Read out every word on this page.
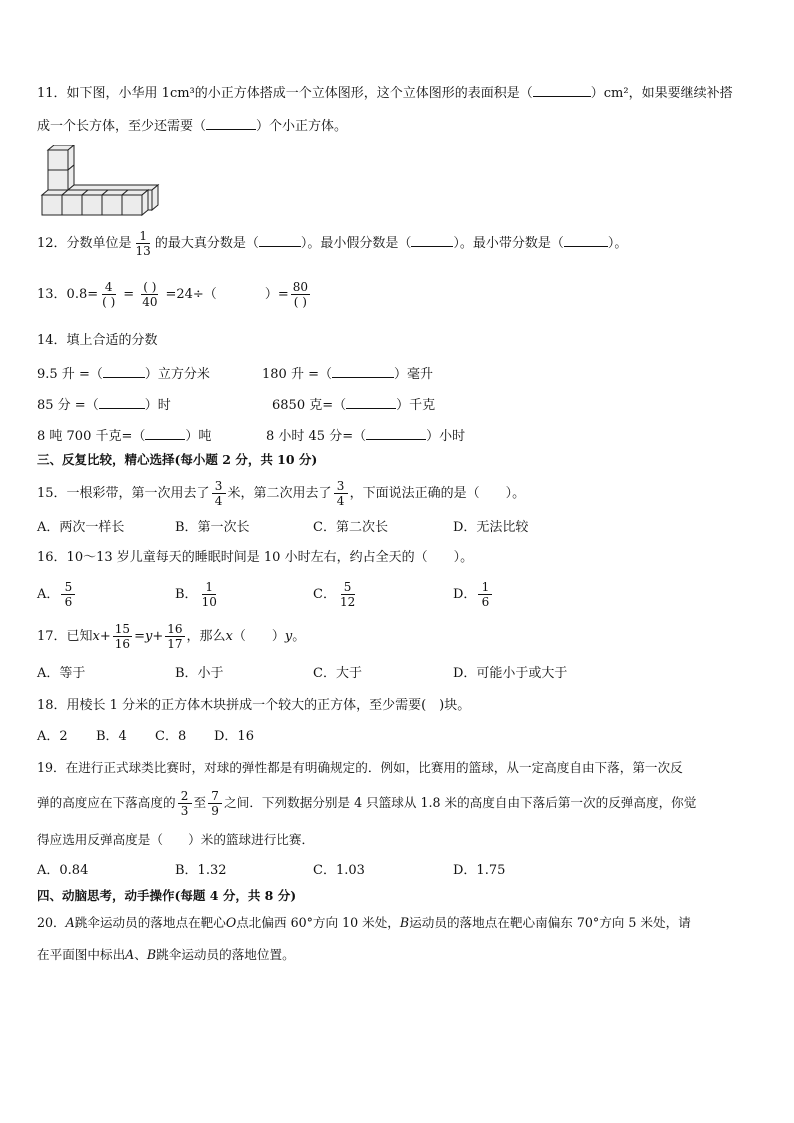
11．如下图，小华用 1cm³的小正方体搭成一个立体图形，这个立体图形的表面积是（	）cm²，如果要继续补搭
成一个长方体，至少还需要（	）个小正方体。
12．分数单位是 $\frac{1}{13}$ 的最大真分数是（	）。最小假分数是（	）。最小带分数是（	）。
13．$0.8= \frac{4}{( )} = \frac{( )}{40} =24\div$（	）= $\frac{80}{( )}$
14．填上合适的分数
9.5 升 =（	）立方分米	180 升 =（	）毫升
85 分 =（	）时	6850 克=（	）千克
8 吨 700 千克=（	）吨	8 小时 45 分=（	）小时
三、反复比较，精心选择(每小题 2 分，共 10 分)
15．一根彩带，第一次用去了 $\frac{3}{4}$ 米，第二次用去了 $\frac{3}{4}$ ，下面说法正确的是（　　）。
A．两次一样长	B．第一次长	C．第二次长	D．无法比较
16．10～13 岁儿童每天的睡眠时间是 10 小时左右，约占全天的（　　）。
A． $\frac{5}{6}$	B． $\frac{1}{10}$	C． $\frac{5}{12}$	D． $\frac{1}{6}$
17．已知$x+ \frac{15}{16} =y+ \frac{16}{17}$ ，那么x（　　）y。
A．等于	B．小于	C．大于	D．可能小于或大于
18．用棱长 1 分米的正方体木块拼成一个较大的正方体，至少需要(　)块。
A．2 B．4 C．8 D．16
19．在进行正式球类比赛时，对球的弹性都是有明确规定的．例如，比赛用的篮球，从一定高度自由下落，第一次反
弹的高度应在下落高度的 $\frac{2}{3}$ 至 $\frac{7}{9}$ 之间．下列数据分别是 4 只篮球从 1.8 米的高度自由下落后第一次的反弹高度，你觉
得应选用反弹高度是（　　）米的篮球进行比赛．
A．0.84	B．1.32	C．1.03	D．1.75
四、动脑思考，动手操作(每题 4 分，共 8 分)
20．A跳伞运动员的落地点在靶心O点北偏西 60°方向 10 米处，B运动员的落地点在靶心南偏东 70°方向 5 米处，请
在平面图中标出A、B跳伞运动员的落地位置。
